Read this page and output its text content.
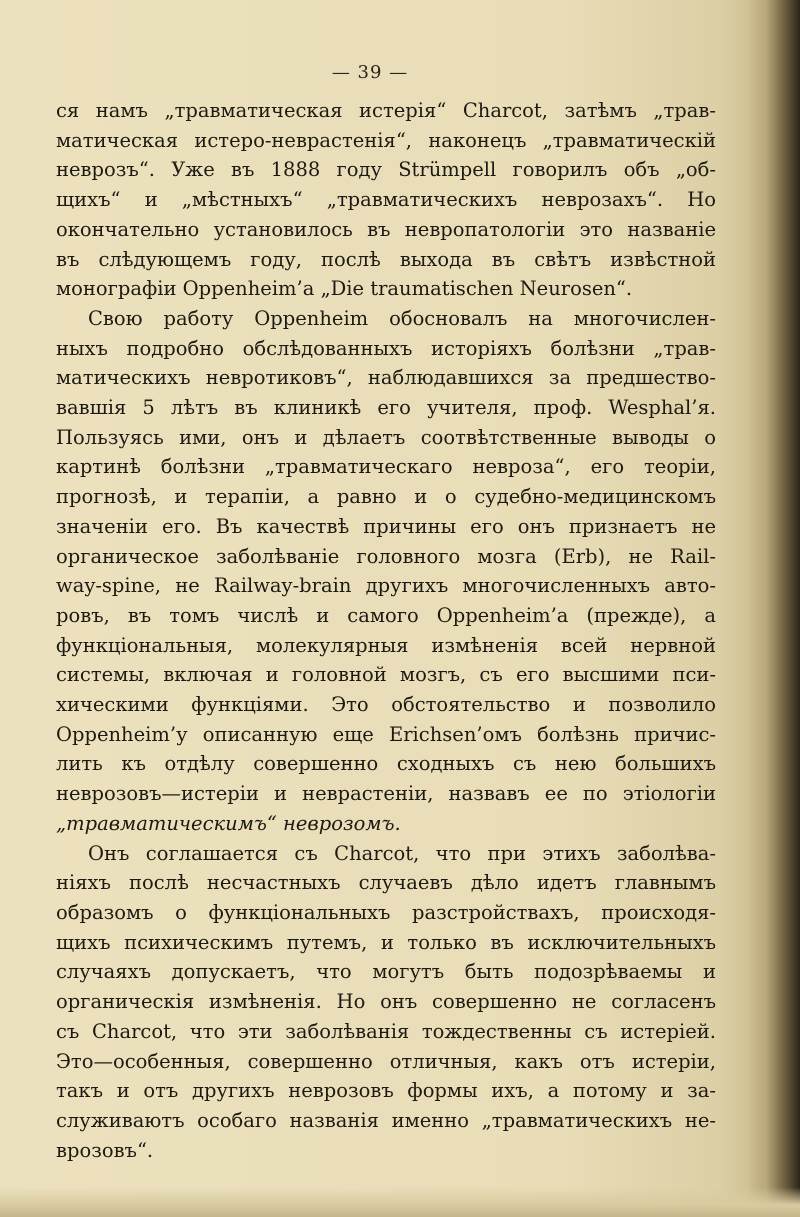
— 39 —
ся намъ „травматическая истерія“ Charcot, затѣмъ „трав-
матическая истеро-неврастенія“, наконецъ „травматическій
неврозъ“. Уже въ 1888 году Strümpell говорилъ объ „об-
щихъ“ и „мѣстныхъ“ „травматическихъ неврозахъ“. Но
окончательно установилось въ невропатологіи это названіе
въ слѣдующемъ году, послѣ выхода въ свѣтъ извѣстной
монографіи Oppenheim’a „Die traumatischen Neurosen“.
Свою работу Oppenheim обосновалъ на многочислен-
ныхъ подробно обслѣдованныхъ исторіяхъ болѣзни „трав-
матическихъ невротиковъ“, наблюдавшихся за предшество-
вавшія 5 лѣтъ въ клиникѣ его учителя, проф. Wesphal’я.
Пользуясь ими, онъ и дѣлаетъ соотвѣтственные выводы о
картинѣ болѣзни „травматическаго невроза“, его теоріи,
прогнозѣ, и терапіи, а равно и о судебно-медицинскомъ
значеніи его. Въ качествѣ причины его онъ признаетъ не
органическое заболѣваніе головного мозга (Erb), не Rail-
way-spine, не Railway-brain другихъ многочисленныхъ авто-
ровъ, въ томъ числѣ и самого Oppenheim’a (прежде), а
функціональныя, молекулярныя измѣненія всей нервной
системы, включая и головной мозгъ, съ его высшими пси-
хическими функціями. Это обстоятельство и позволило
Oppenheim’у описанную еще Erichsen’омъ болѣзнь причис-
лить къ отдѣлу совершенно сходныхъ съ нею большихъ
неврозовъ—истеріи и неврастеніи, назвавъ ее по этіологіи
„травматическимъ“ неврозомъ.
Онъ соглашается съ Charcot, что при этихъ заболѣва-
ніяхъ послѣ несчастныхъ случаевъ дѣло идетъ главнымъ
образомъ о функціональныхъ разстройствахъ, происходя-
щихъ психическимъ путемъ, и только въ исключительныхъ
случаяхъ допускаетъ, что могутъ быть подозрѣваемы и
органическія измѣненія. Но онъ совершенно не согласенъ
съ Charcot, что эти заболѣванія тождественны съ истеріей.
Это—особенныя, совершенно отличныя, какъ отъ истеріи,
такъ и отъ другихъ неврозовъ формы ихъ, а потому и за-
служиваютъ особаго названія именно „травматическихъ не-
врозовъ“.
